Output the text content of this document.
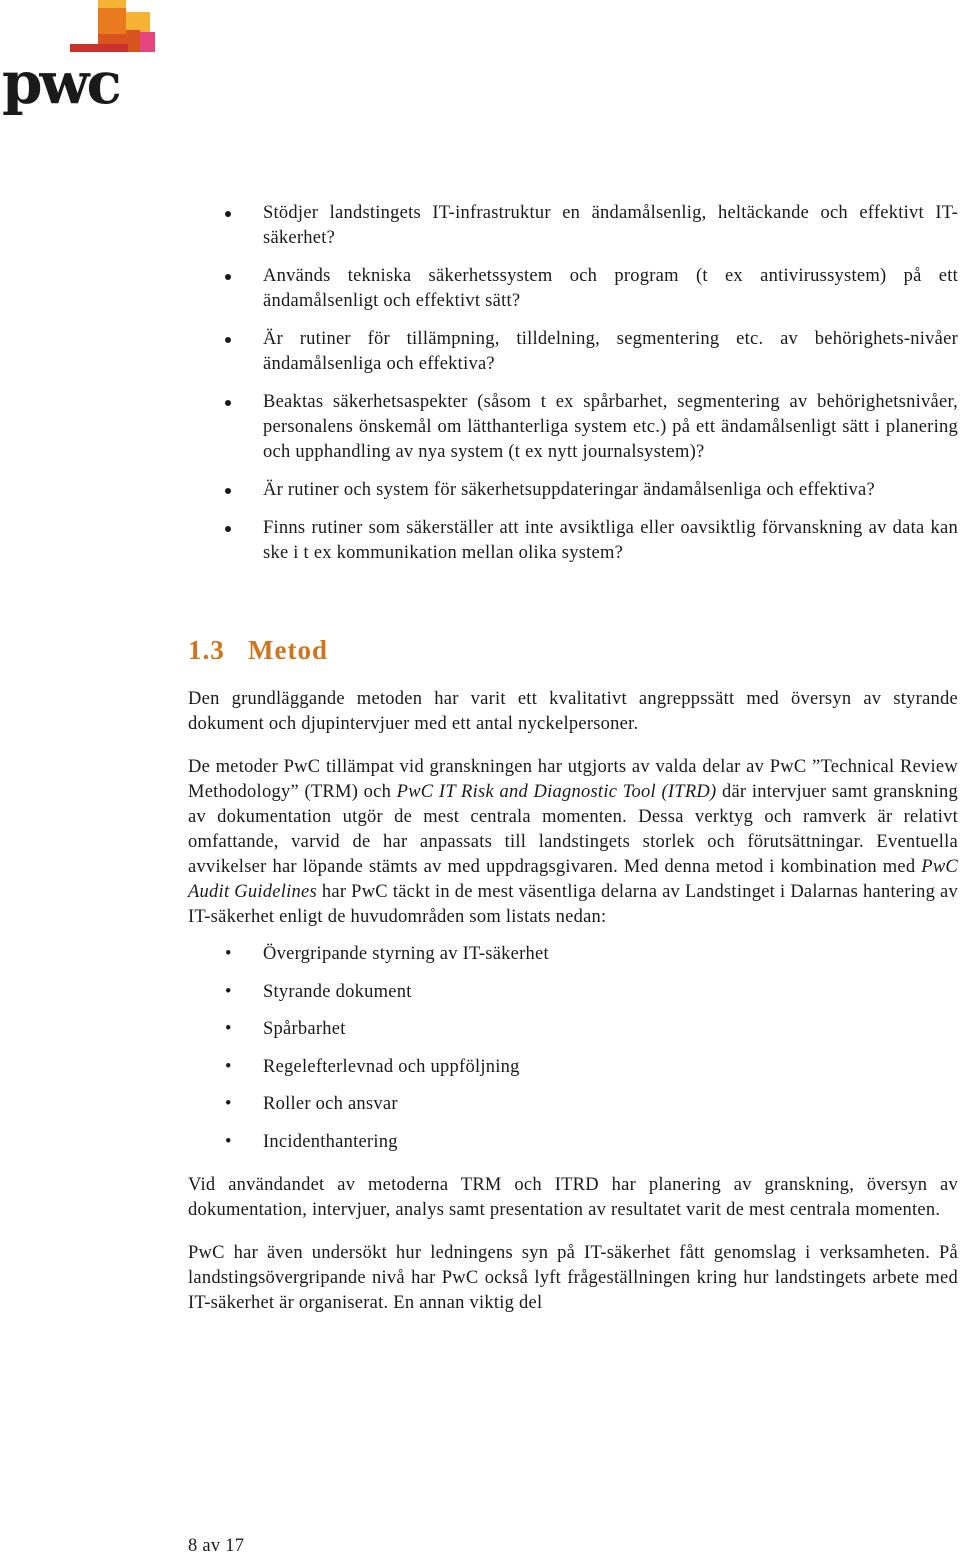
pwc
Stödjer landstingets IT-infrastruktur en ändamålsenlig, heltäckande och effektivt IT-säkerhet?
Används tekniska säkerhetssystem och program (t ex antivirussystem) på ett ändamålsenligt och effektivt sätt?
Är rutiner för tillämpning, tilldelning, segmentering etc. av behörighets-nivåer ändamålsenliga och effektiva?
Beaktas säkerhetsaspekter (såsom t ex spårbarhet, segmentering av behörighetsnivåer, personalens önskemål om lätthanterliga system etc.) på ett ändamålsenligt sätt i planering och upphandling av nya system (t ex nytt journalsystem)?
Är rutiner och system för säkerhetsuppdateringar ändamålsenliga och effektiva?
Finns rutiner som säkerställer att inte avsiktliga eller oavsiktlig förvanskning av data kan ske i t ex kommunikation mellan olika system?
1.3 Metod

Den grundläggande metoden har varit ett kvalitativt angreppssätt med översyn av styrande dokument och djupintervjuer med ett antal nyckelpersoner.

De metoder PwC tillämpat vid granskningen har utgjorts av valda delar av PwC ”Technical Review Methodology” (TRM) och PwC IT Risk and Diagnostic Tool (ITRD) där intervjuer samt granskning av dokumentation utgör de mest centrala momenten. Dessa verktyg och ramverk är relativt omfattande, varvid de har anpassats till landstingets storlek och förutsättningar. Eventuella avvikelser har löpande stämts av med uppdragsgivaren. Med denna metod i kombination med PwC Audit Guidelines har PwC täckt in de mest väsentliga delarna av Landstinget i Dalarnas hantering av IT-säkerhet enligt de huvudområden som listats nedan:

• Övergripande styrning av IT-säkerhet
• Styrande dokument
• Spårbarhet
• Regelefterlevnad och uppföljning
• Roller och ansvar
• Incidenthantering

Vid användandet av metoderna TRM och ITRD har planering av granskning, översyn av dokumentation, intervjuer, analys samt presentation av resultatet varit de mest centrala momenten.

PwC har även undersökt hur ledningens syn på IT-säkerhet fått genomslag i verksamheten. På landstingsövergripande nivå har PwC också lyft frågeställningen kring hur landstingets arbete med IT-säkerhet är organiserat. En annan viktig del

8 av 17
